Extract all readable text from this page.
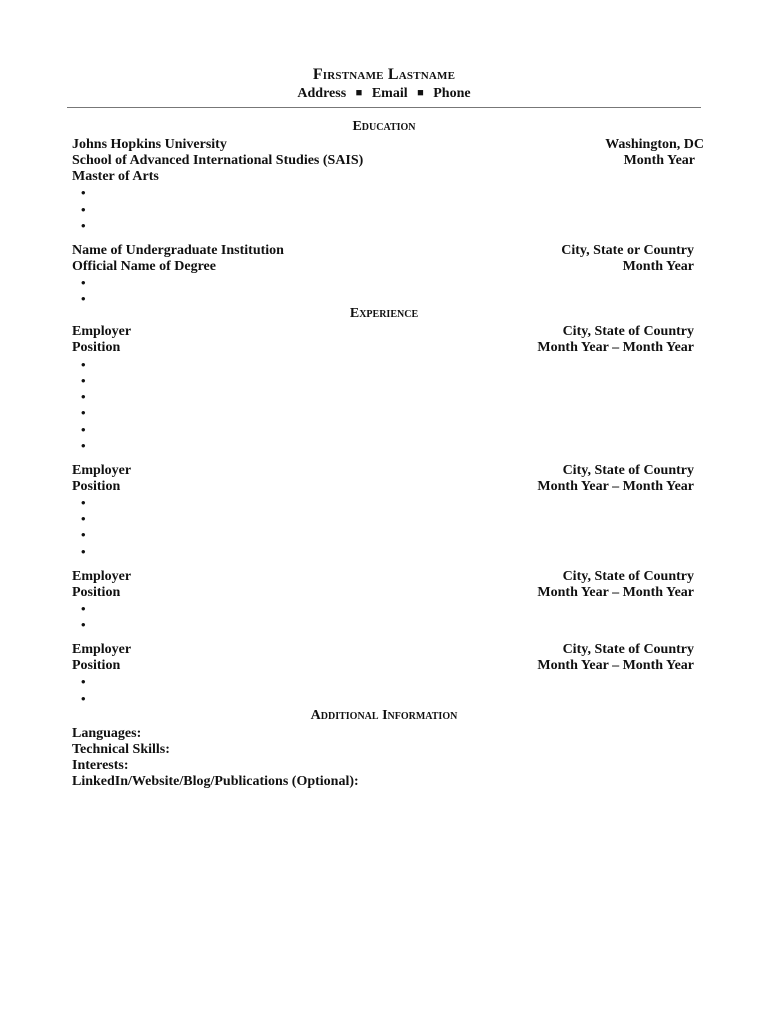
Firstname Lastname
Address ■ Email ■ Phone
Education
Johns Hopkins University	Washington, DC
School of Advanced International Studies (SAIS)	Month Year
Master of Arts
•
•
•
Name of Undergraduate Institution	City, State or Country
Official Name of Degree	Month Year
•
•
Experience
Employer	City, State of Country
Position	Month Year – Month Year
•
•
•
•
•
•
Employer	City, State of Country
Position	Month Year – Month Year
•
•
•
•
Employer	City, State of Country
Position	Month Year – Month Year
•
•
Employer	City, State of Country
Position	Month Year – Month Year
•
•
Additional Information
Languages:
Technical Skills:
Interests:
LinkedIn/Website/Blog/Publications (Optional):
